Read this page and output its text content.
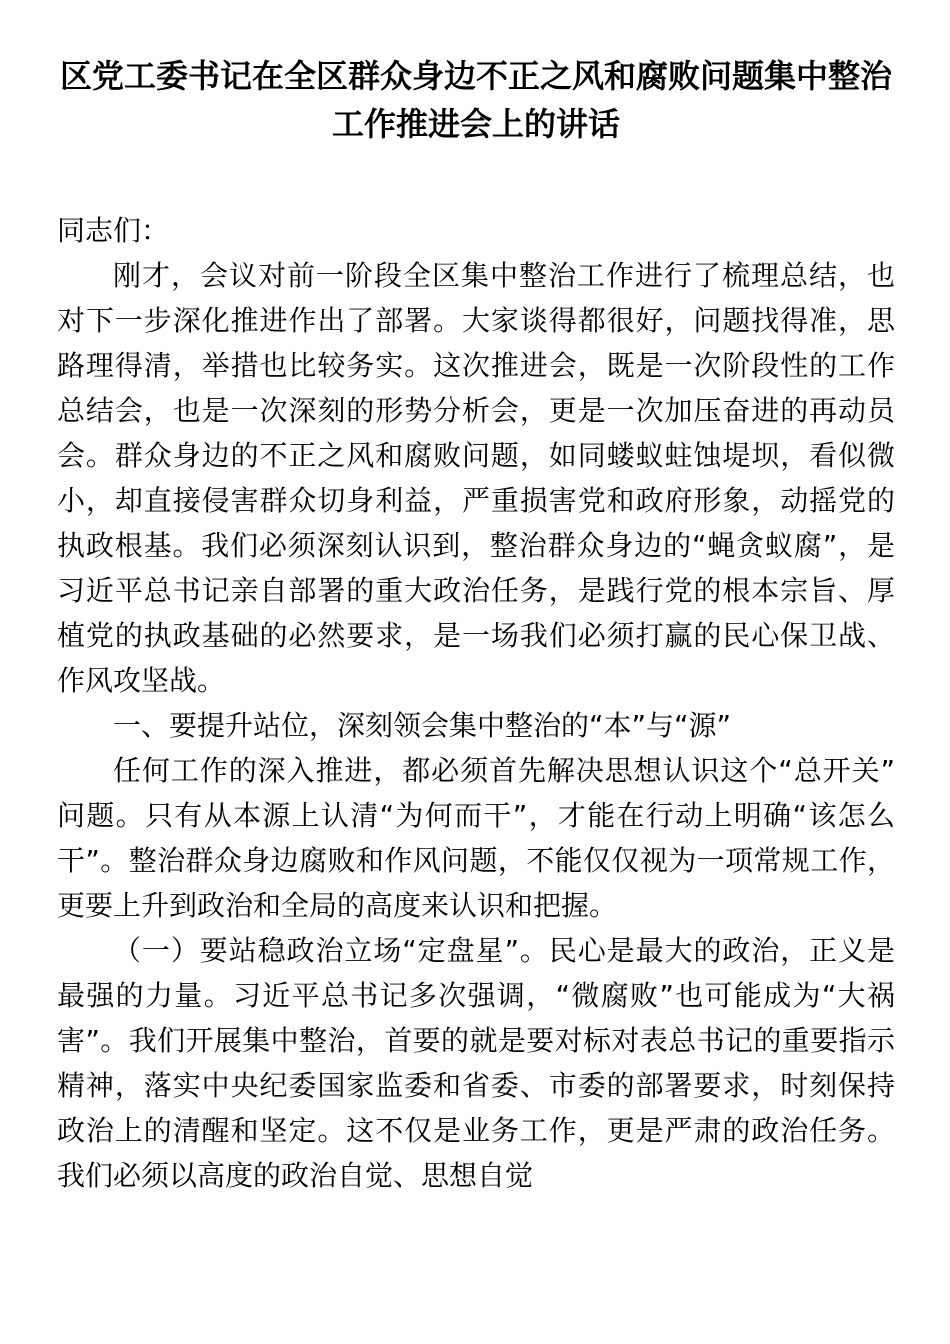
区党工委书记在全区群众身边不正之风和腐败问题集中整治工作推进会上的讲话

同志们：

刚才，会议对前一阶段全区集中整治工作进行了梳理总结，也对下一步深化推进作出了部署。大家谈得都很好，问题找得准，思路理得清，举措也比较务实。这次推进会，既是一次阶段性的工作总结会，也是一次深刻的形势分析会，更是一次加压奋进的再动员会。群众身边的不正之风和腐败问题，如同蝼蚁蛀蚀堤坝，看似微小，却直接侵害群众切身利益，严重损害党和政府形象，动摇党的执政根基。我们必须深刻认识到，整治群众身边的“蝇贪蚁腐”，是习近平总书记亲自部署的重大政治任务，是践行党的根本宗旨、厚植党的执政基础的必然要求，是一场我们必须打赢的民心保卫战、作风攻坚战。

一、要提升站位，深刻领会集中整治的“本”与“源”

任何工作的深入推进，都必须首先解决思想认识这个“总开关”问题。只有从本源上认清“为何而干”，才能在行动上明确“该怎么干”。整治群众身边腐败和作风问题，不能仅仅视为一项常规工作，更要上升到政治和全局的高度来认识和把握。

（一）要站稳政治立场“定盘星”。民心是最大的政治，正义是最强的力量。习近平总书记多次强调，“微腐败”也可能成为“大祸害”。我们开展集中整治，首要的就是要对标对表总书记的重要指示精神，落实中央纪委国家监委和省委、市委的部署要求，时刻保持政治上的清醒和坚定。这不仅是业务工作，更是严肃的政治任务。我们必须以高度的政治自觉、思想自觉
